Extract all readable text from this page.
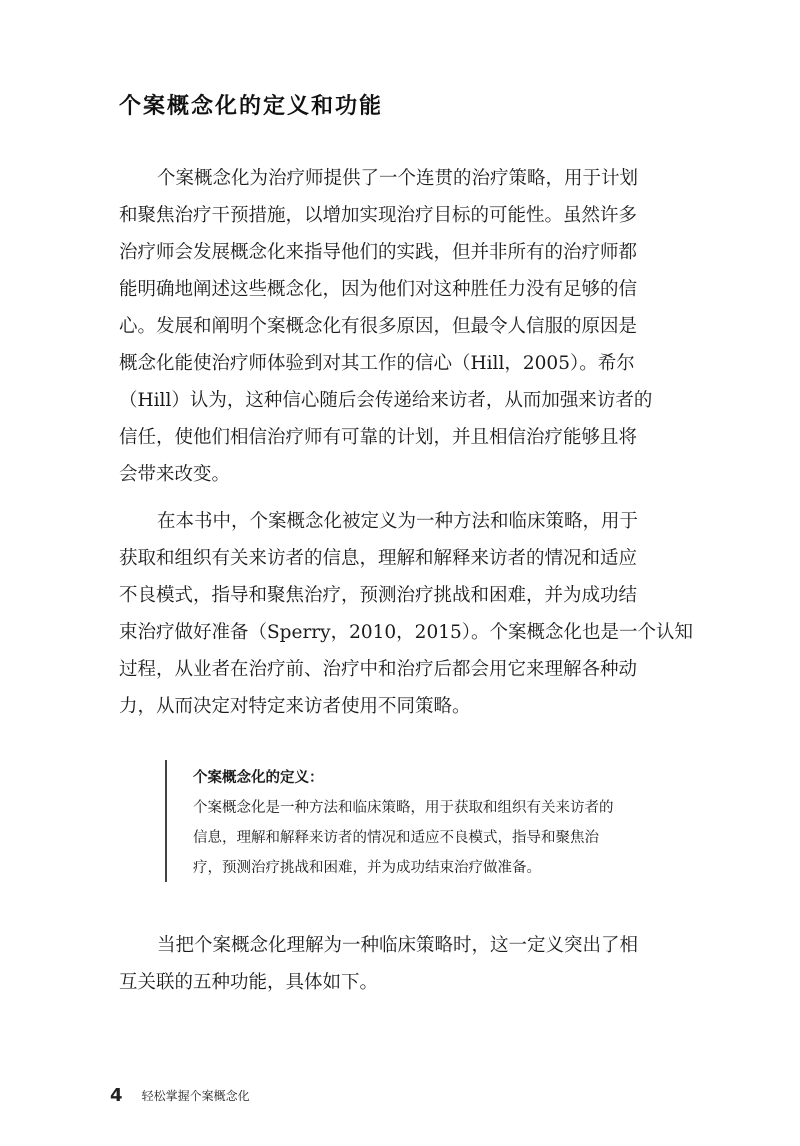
个案概念化的定义和功能
个案概念化为治疗师提供了一个连贯的治疗策略，用于计划
和聚焦治疗干预措施，以增加实现治疗目标的可能性。虽然许多
治疗师会发展概念化来指导他们的实践，但并非所有的治疗师都
能明确地阐述这些概念化，因为他们对这种胜任力没有足够的信
心。发展和阐明个案概念化有很多原因，但最令人信服的原因是
概念化能使治疗师体验到对其工作的信心（Hill，2005）。希尔
（Hill）认为，这种信心随后会传递给来访者，从而加强来访者的
信任，使他们相信治疗师有可靠的计划，并且相信治疗能够且将
会带来改变。
在本书中，个案概念化被定义为一种方法和临床策略，用于
获取和组织有关来访者的信息，理解和解释来访者的情况和适应
不良模式，指导和聚焦治疗，预测治疗挑战和困难，并为成功结
束治疗做好准备（Sperry，2010，2015）。个案概念化也是一个认知
过程，从业者在治疗前、治疗中和治疗后都会用它来理解各种动
力，从而决定对特定来访者使用不同策略。
个案概念化的定义：
个案概念化是一种方法和临床策略，用于获取和组织有关来访者的
信息，理解和解释来访者的情况和适应不良模式，指导和聚焦治
疗，预测治疗挑战和困难，并为成功结束治疗做准备。
当把个案概念化理解为一种临床策略时，这一定义突出了相
互关联的五种功能，具体如下。
4 轻松掌握个案概念化
